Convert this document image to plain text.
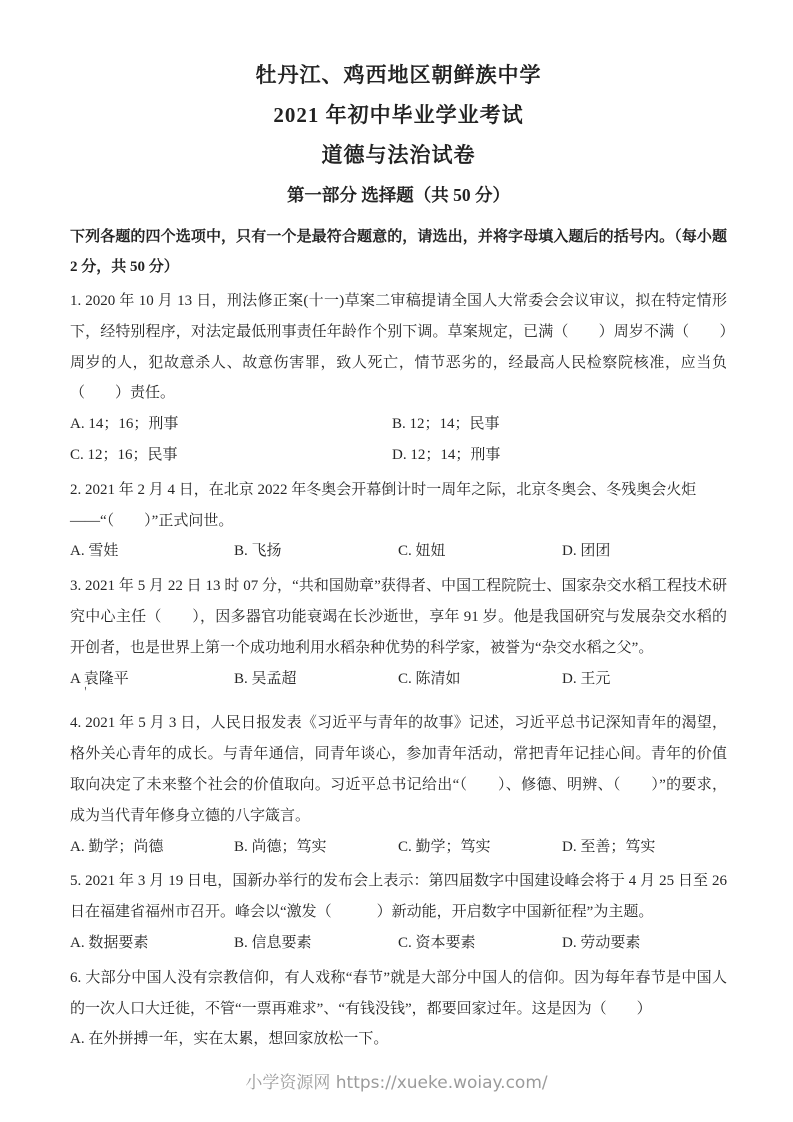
牡丹江、鸡西地区朝鲜族中学
2021 年初中毕业学业考试
道德与法治试卷
第一部分 选择题（共 50 分）
下列各题的四个选项中，只有一个是最符合题意的，请选出，并将字母填入题后的括号内。（每小题 2 分，共 50 分）
1. 2020 年 10 月 13 日，刑法修正案(十一)草案二审稿提请全国人大常委会会议审议，拟在特定情形下，经特别程序，对法定最低刑事责任年龄作个别下调。草案规定，已满（　　）周岁不满（　　）周岁的人，犯故意杀人、故意伤害罪，致人死亡，情节恶劣的，经最高人民检察院核准，应当负（　　）责任。
A. 14；16；刑事	B. 12；14；民事
C. 12；16；民事	D. 12；14；刑事
2. 2021 年 2 月 4 日，在北京 2022 年冬奥会开幕倒计时一周年之际，北京冬奥会、冬残奥会火炬
——“（　　）”正式问世。
A. 雪娃	B. 飞扬	C. 妞妞	D. 团团
3. 2021 年 5 月 22 日 13 时 07 分，“共和国勋章”获得者、中国工程院院士、国家杂交水稻工程技术研究中心主任（　　），因多器官功能衰竭在长沙逝世，享年 91 岁。他是我国研究与发展杂交水稻的开创者，也是世界上第一个成功地利用水稻杂种优势的科学家，被誉为“杂交水稻之父”。
A 袁隆平	B. 吴孟超	C. 陈清如	D. 王元
＇
4. 2021 年 5 月 3 日，人民日报发表《习近平与青年的故事》记述，习近平总书记深知青年的渴望，格外关心青年的成长。与青年通信，同青年谈心，参加青年活动，常把青年记挂心间。青年的价值取向决定了未来整个社会的价值取向。习近平总书记给出“（　　）、修德、明辨、（　　）”的要求，成为当代青年修身立德的八字箴言。
A. 勤学；尚德	B. 尚德；笃实	C. 勤学；笃实	D. 至善；笃实
5. 2021 年 3 月 19 日电，国新办举行的发布会上表示：第四届数字中国建设峰会将于 4 月 25 日至 26 日在福建省福州市召开。峰会以“激发（　　　）新动能，开启数字中国新征程”为主题。
A. 数据要素	B. 信息要素	C. 资本要素	D. 劳动要素
6. 大部分中国人没有宗教信仰，有人戏称“春节”就是大部分中国人的信仰。因为每年春节是中国人的一次人口大迁徙，不管“一票再难求”、“有钱没钱”，都要回家过年。这是因为（　　）
A. 在外拼搏一年，实在太累，想回家放松一下。
小学资源网 https://xueke.woiay.com/
